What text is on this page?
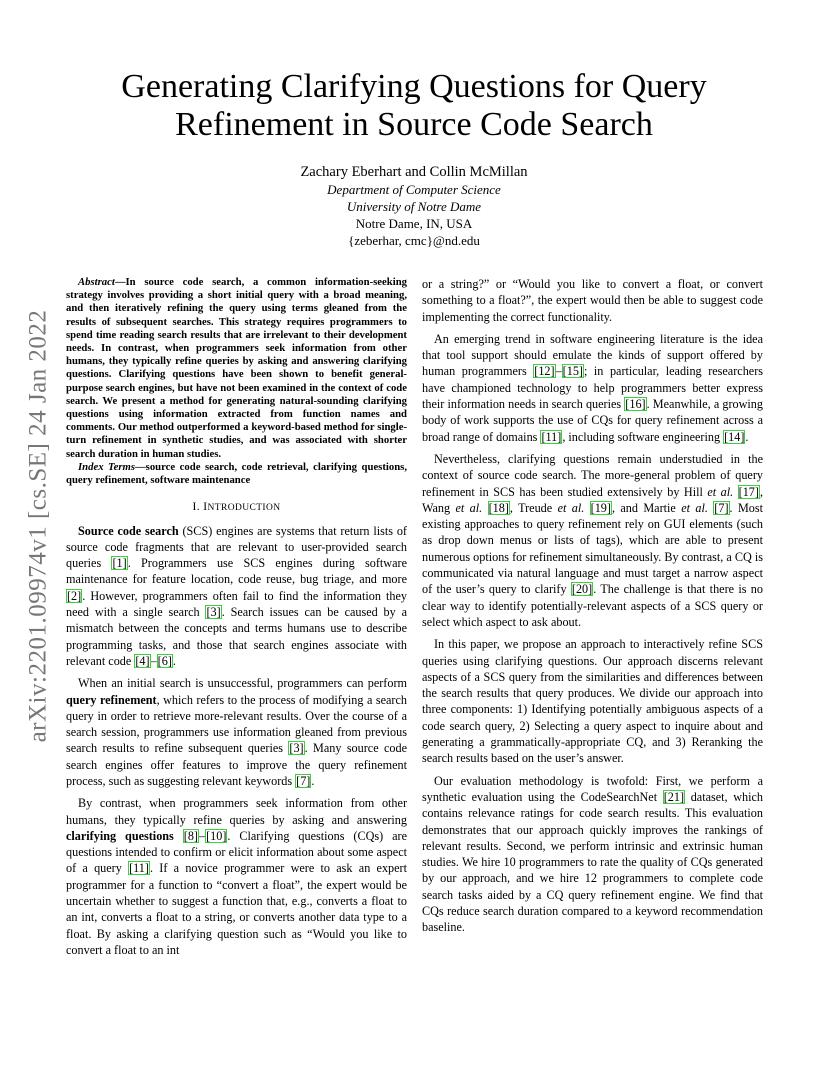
arXiv:2201.09974v1 [cs.SE] 24 Jan 2022
Generating Clarifying Questions for Query Refinement in Source Code Search
Zachary Eberhart and Collin McMillan
Department of Computer Science
University of Notre Dame
Notre Dame, IN, USA
{zeberhar, cmc}@nd.edu

Abstract—In source code search, a common information-seeking strategy involves providing a short initial query with a broad meaning, and then iteratively refining the query using terms gleaned from the results of subsequent searches. This strategy requires programmers to spend time reading search results that are irrelevant to their development needs. In contrast, when programmers seek information from other humans, they typically refine queries by asking and answering clarifying questions. Clarifying questions have been shown to benefit general-purpose search engines, but have not been examined in the context of code search. We present a method for generating natural-sounding clarifying questions using information extracted from function names and comments. Our method outperformed a keyword-based method for single-turn refinement in synthetic studies, and was associated with shorter search duration in human studies.

Index Terms—source code search, code retrieval, clarifying questions, query refinement, software maintenance

I. INTRODUCTION

Source code search (SCS) engines are systems that return lists of source code fragments that are relevant to user-provided search queries [1]. Programmers use SCS engines during software maintenance for feature location, code reuse, bug triage, and more [2]. However, programmers often fail to find the information they need with a single search [3]. Search issues can be caused by a mismatch between the concepts and terms humans use to describe programming tasks, and those that search engines associate with relevant code [4]–[6].

When an initial search is unsuccessful, programmers can perform query refinement, which refers to the process of modifying a search query in order to retrieve more-relevant results. Over the course of a search session, programmers use information gleaned from previous search results to refine subsequent queries [3]. Many source code search engines offer features to improve the query refinement process, such as suggesting relevant keywords [7].

By contrast, when programmers seek information from other humans, they typically refine queries by asking and answering clarifying questions [8]–[10]. Clarifying questions (CQs) are questions intended to confirm or elicit information about some aspect of a query [11]. If a novice programmer were to ask an expert programmer for a function to “convert a float”, the expert would be uncertain whether to suggest a function that, e.g., converts a float to an int, converts a float to a string, or converts another data type to a float. By asking a clarifying question such as “Would you like to convert a float to an int

or a string?” or “Would you like to convert a float, or convert something to a float?”, the expert would then be able to suggest code implementing the correct functionality.

An emerging trend in software engineering literature is the idea that tool support should emulate the kinds of support offered by human programmers [12]–[15]; in particular, leading researchers have championed technology to help programmers better express their information needs in search queries [16]. Meanwhile, a growing body of work supports the use of CQs for query refinement across a broad range of domains [11], including software engineering [14].

Nevertheless, clarifying questions remain understudied in the context of source code search. The more-general problem of query refinement in SCS has been studied extensively by Hill et al. [17], Wang et al. [18], Treude et al. [19], and Martie et al. [7]. Most existing approaches to query refinement rely on GUI elements (such as drop down menus or lists of tags), which are able to present numerous options for refinement simultaneously. By contrast, a CQ is communicated via natural language and must target a narrow aspect of the user’s query to clarify [20]. The challenge is that there is no clear way to identify potentially-relevant aspects of a SCS query or select which aspect to ask about.

In this paper, we propose an approach to interactively refine SCS queries using clarifying questions. Our approach discerns relevant aspects of a SCS query from the similarities and differences between the search results that query produces. We divide our approach into three components: 1) Identifying potentially ambiguous aspects of a code search query, 2) Selecting a query aspect to inquire about and generating a grammatically-appropriate CQ, and 3) Reranking the search results based on the user’s answer.

Our evaluation methodology is twofold: First, we perform a synthetic evaluation using the CodeSearchNet [21] dataset, which contains relevance ratings for code search results. This evaluation demonstrates that our approach quickly improves the rankings of relevant results. Second, we perform intrinsic and extrinsic human studies. We hire 10 programmers to rate the quality of CQs generated by our approach, and we hire 12 programmers to complete code search tasks aided by a CQ query refinement engine. We find that CQs reduce search duration compared to a keyword recommendation baseline.
